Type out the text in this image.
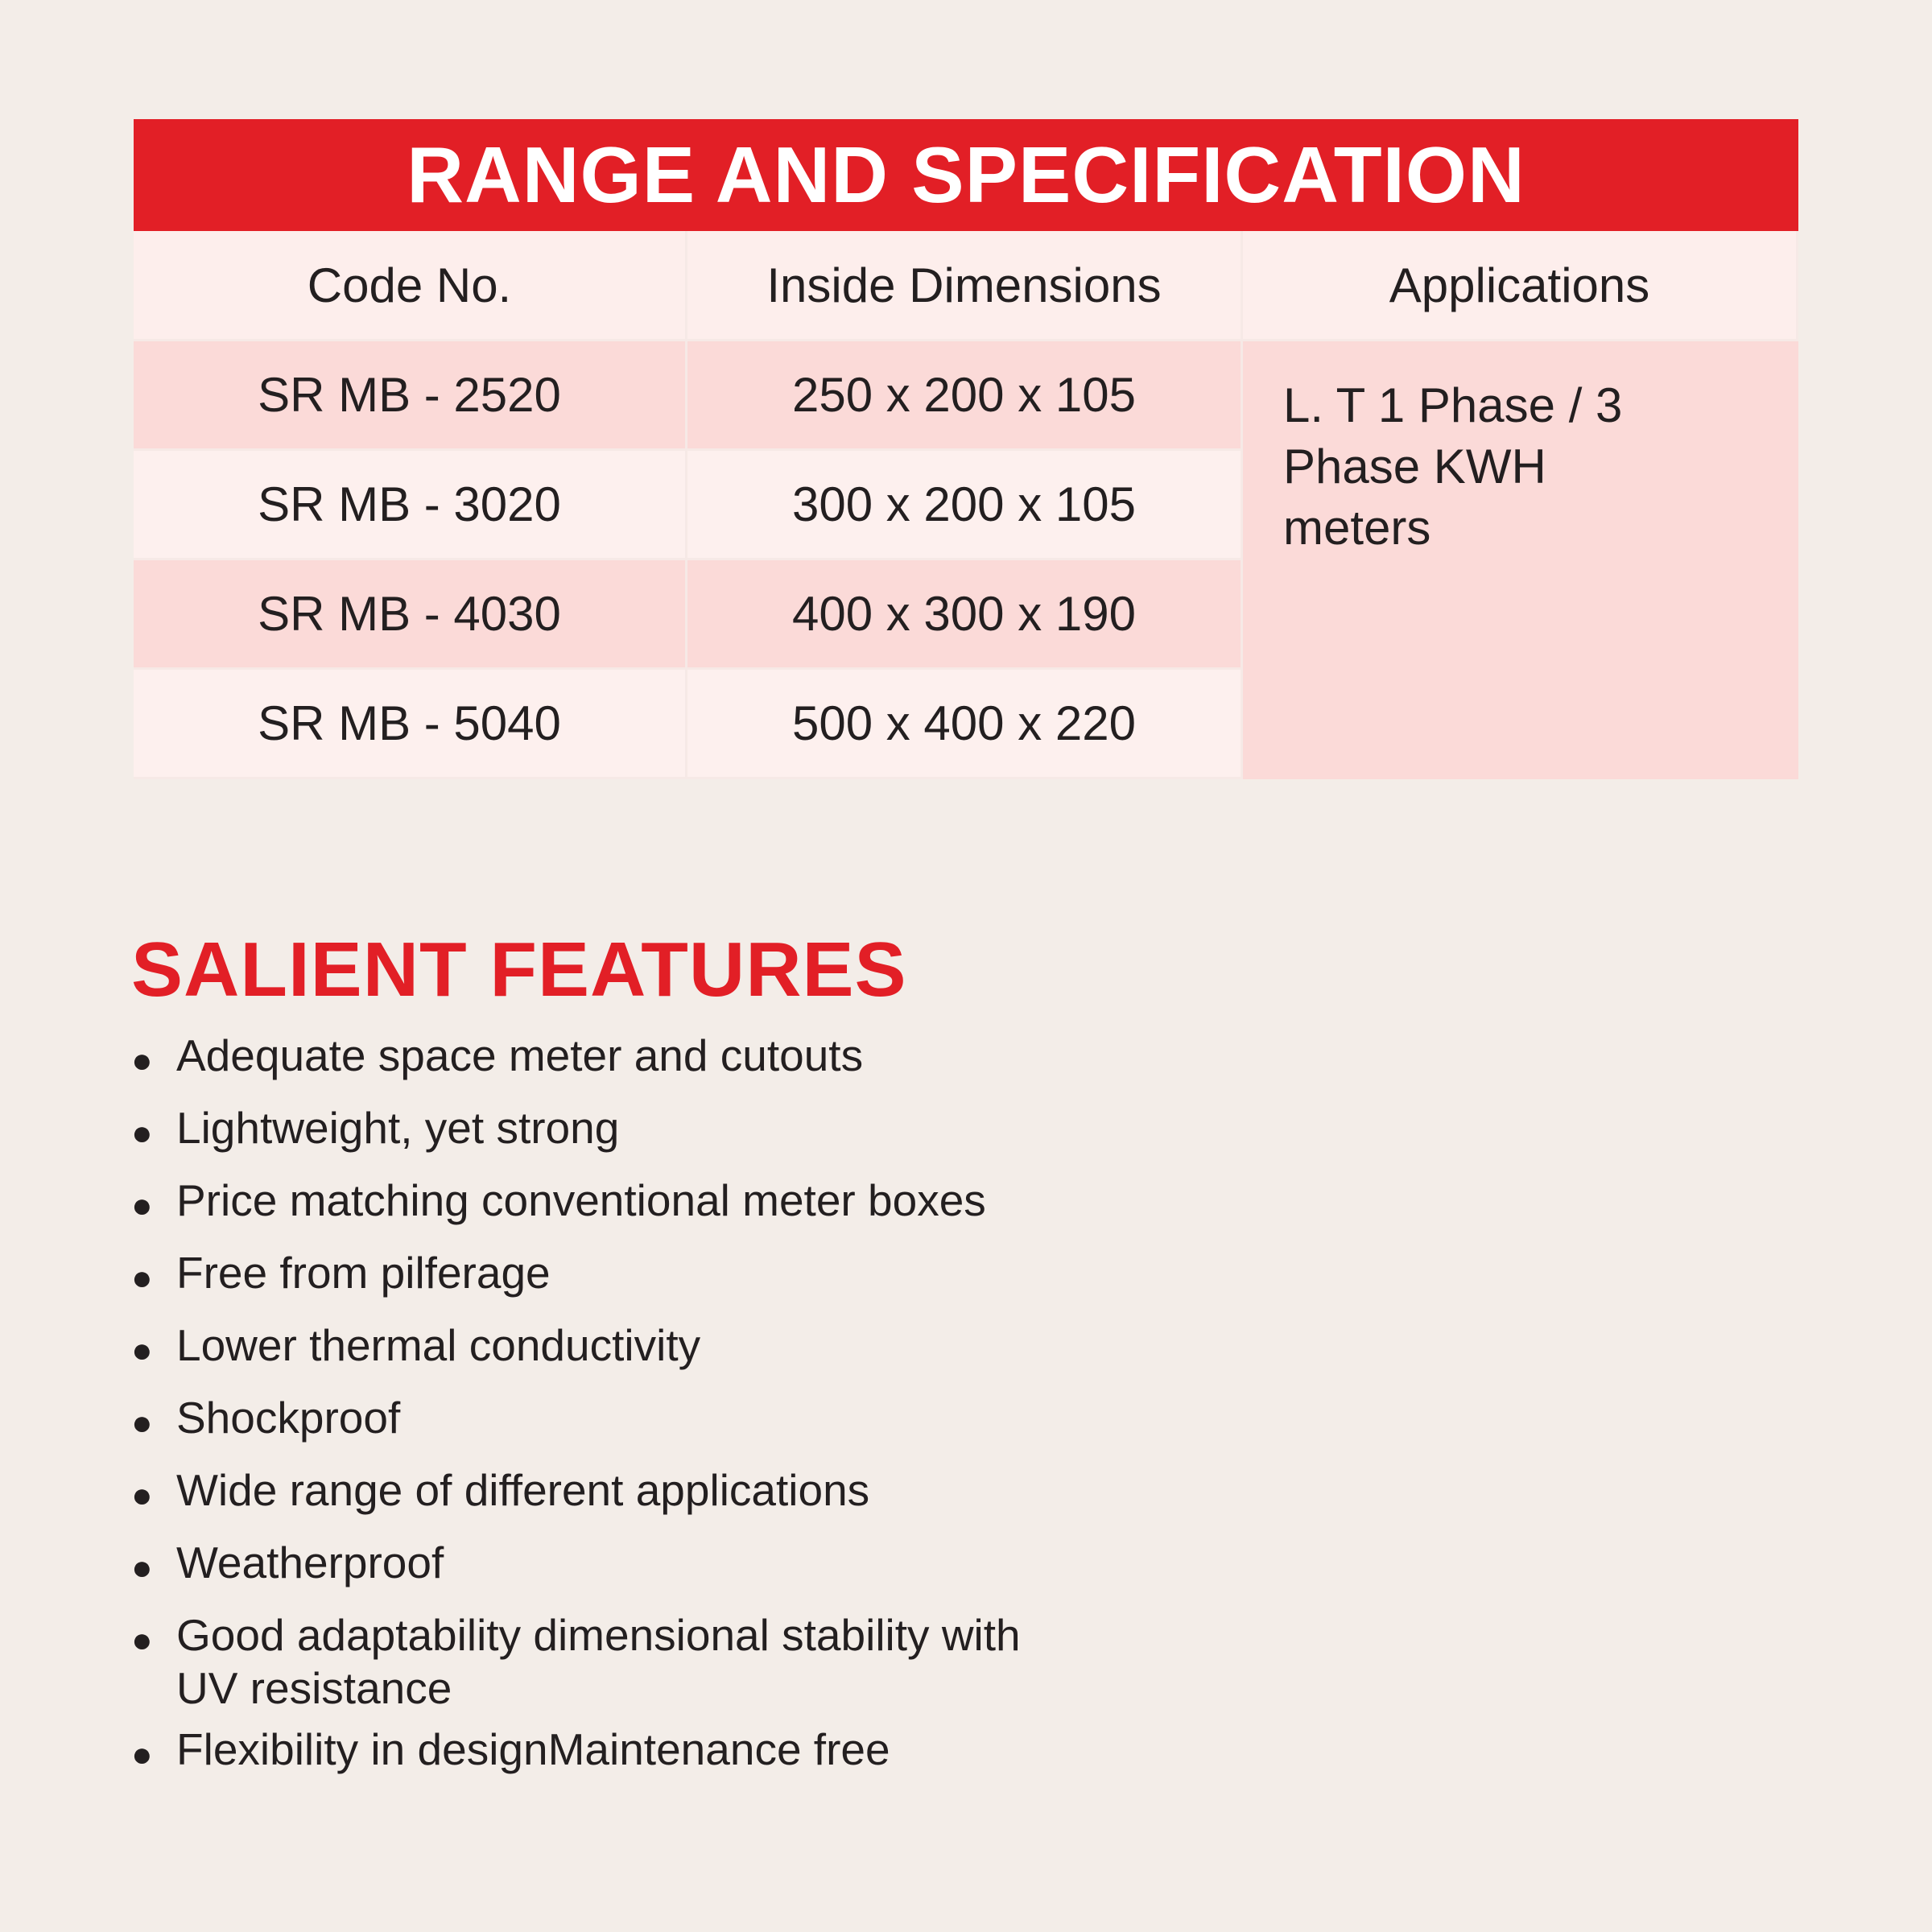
RANGE AND SPECIFICATION
Code No.	Inside Dimensions	Applications
SR MB - 2520	250 x 200 x 105
SR MB - 3020	300 x 200 x 105
SR MB - 4030	400 x 300 x 190
SR MB - 5040	500 x 400 x 220
L. T 1 Phase / 3
Phase KWH
meters
SALIENT FEATURES
● Adequate space meter and cutouts
● Lightweight, yet strong
● Price matching conventional meter boxes
● Free from pilferage
● Lower thermal conductivity
● Shockproof
● Wide range of different applications
● Weatherproof
● Good adaptability dimensional stability with
UV resistance
● Flexibility in designMaintenance free
